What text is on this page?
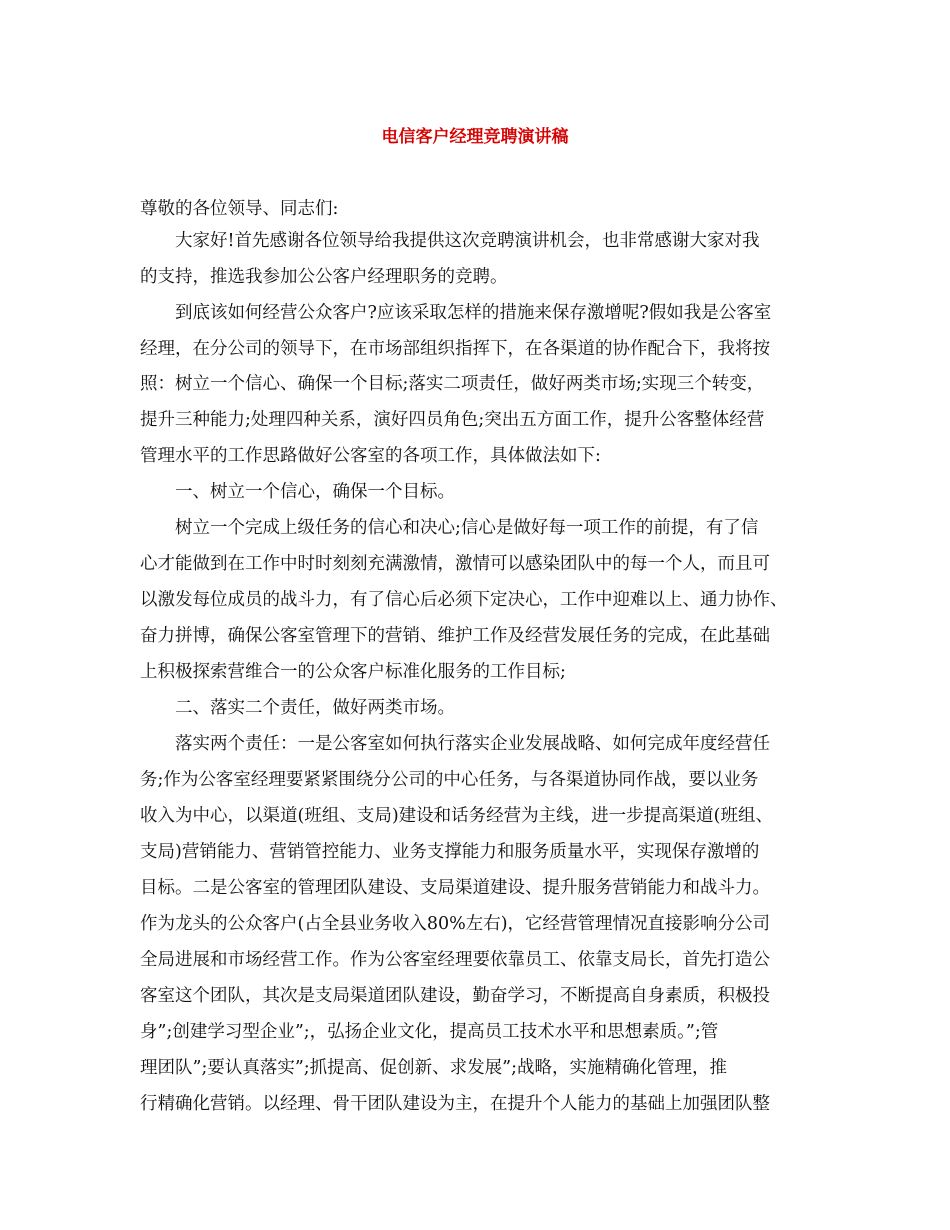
电信客户经理竞聘演讲稿

尊敬的各位领导、同志们:

大家好!首先感谢各位领导给我提供这次竞聘演讲机会，也非常感谢大家对我

的支持，推选我参加公公客户经理职务的竞聘。

到底该如何经营公众客户?应该采取怎样的措施来保存激增呢?假如我是公客室

经理，在分公司的领导下，在市场部组织指挥下，在各渠道的协作配合下，我将按

照：树立一个信心、确保一个目标;落实二项责任，做好两类市场;实现三个转变，

提升三种能力;处理四种关系，演好四员角色;突出五方面工作，提升公客整体经营

管理水平的工作思路做好公客室的各项工作，具体做法如下:

一、树立一个信心，确保一个目标。

树立一个完成上级任务的信心和决心;信心是做好每一项工作的前提，有了信

心才能做到在工作中时时刻刻充满激情，激情可以感染团队中的每一个人，而且可

以激发每位成员的战斗力，有了信心后必须下定决心，工作中迎难以上、通力协作、

奋力拼博，确保公客室管理下的营销、维护工作及经营发展任务的完成，在此基础

上积极探索营维合一的公众客户标准化服务的工作目标;

二、落实二个责任，做好两类市场。

落实两个责任：一是公客室如何执行落实企业发展战略、如何完成年度经营任

务;作为公客室经理要紧紧围绕分公司的中心任务，与各渠道协同作战，要以业务

收入为中心，以渠道(班组、支局)建设和话务经营为主线，进一步提高渠道(班组、

支局)营销能力、营销管控能力、业务支撑能力和服务质量水平，实现保存激增的

目标。二是公客室的管理团队建设、支局渠道建设、提升服务营销能力和战斗力。

作为龙头的公众客户(占全县业务收入80%左右)，它经营管理情况直接影响分公司

全局进展和市场经营工作。作为公客室经理要依靠员工、依靠支局长，首先打造公

客室这个团队，其次是支局渠道团队建设，勤奋学习，不断提高自身素质，积极投

身”;创建学习型企业”;，弘扬企业文化，提高员工技术水平和思想素质。”;管

理团队”;要认真落实”;抓提高、促创新、求发展”;战略，实施精确化管理，推

行精确化营销。以经理、骨干团队建设为主，在提升个人能力的基础上加强团队整
